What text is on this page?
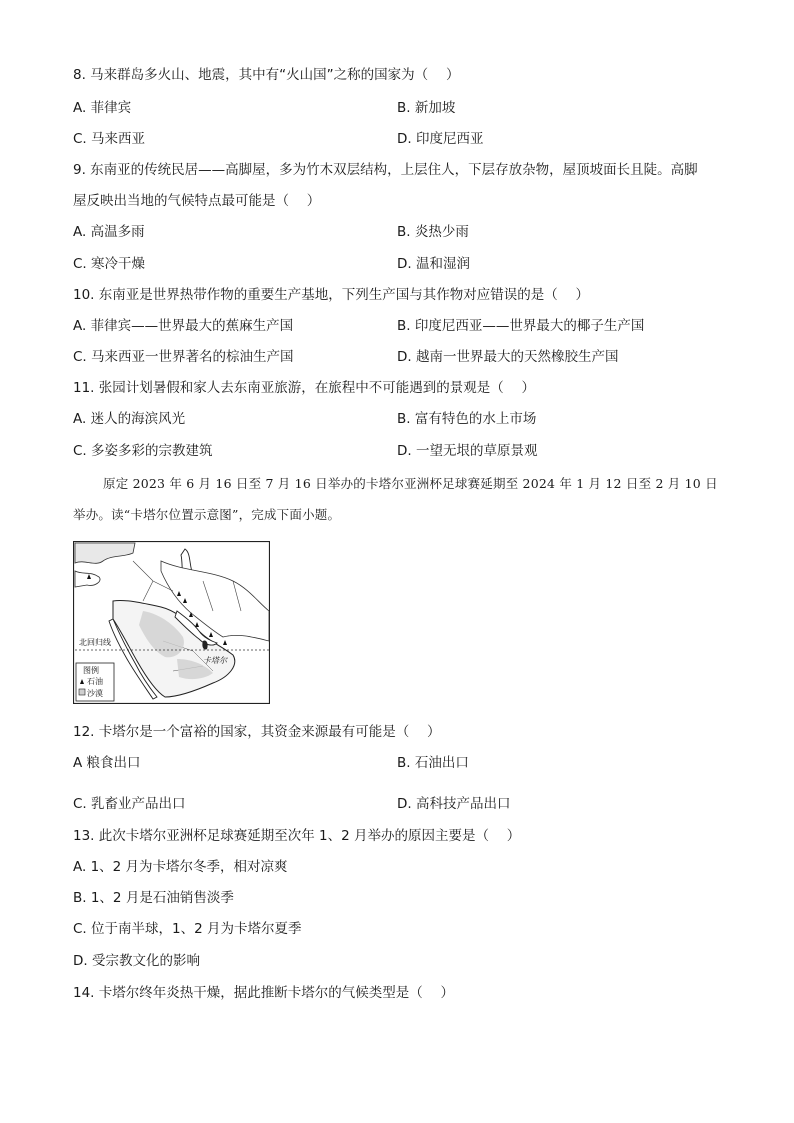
8. 马来群岛多火山、地震，其中有“火山国”之称的国家为（　 ）
A. 菲律宾	B. 新加坡
C. 马来西亚	D. 印度尼西亚
9. 东南亚的传统民居——高脚屋，多为竹木双层结构，上层住人，下层存放杂物，屋顶坡面长且陡。高脚
屋反映出当地的气候特点最可能是（　 ）
A. 高温多雨	B. 炎热少雨
C. 寒冷干燥	D. 温和湿润
10. 东南亚是世界热带作物的重要生产基地，下列生产国与其作物对应错误的是（　 ）
A. 菲律宾——世界最大的蕉麻生产国	B. 印度尼西亚——世界最大的椰子生产国
C. 马来西亚一世界著名的棕油生产国	D. 越南一世界最大的天然橡胶生产国
11. 张园计划暑假和家人去东南亚旅游，在旅程中不可能遇到的景观是（　 ）
A. 迷人的海滨风光	B. 富有特色的水上市场
C. 多姿多彩的宗教建筑	D. 一望无垠的草原景观
原定 2023 年 6 月 16 日至 7 月 16 日举办的卡塔尔亚洲杯足球赛延期至 2024 年 1 月 12 日至 2 月 10 日
举办。读“卡塔尔位置示意图”，完成下面小题。
北回归线
卡塔尔
图例
石油
沙漠
12. 卡塔尔是一个富裕的国家，其资金来源最有可能是（　 ）
A 粮食出口	B. 石油出口
C. 乳畜业产品出口	D. 高科技产品出口
13. 此次卡塔尔亚洲杯足球赛延期至次年 1、2 月举办的原因主要是（　 ）
A. 1、2 月为卡塔尔冬季，相对凉爽
B. 1、2 月是石油销售淡季
C. 位于南半球，1、2 月为卡塔尔夏季
D. 受宗教文化的影响
14. 卡塔尔终年炎热干燥，据此推断卡塔尔的气候类型是（　 ）
